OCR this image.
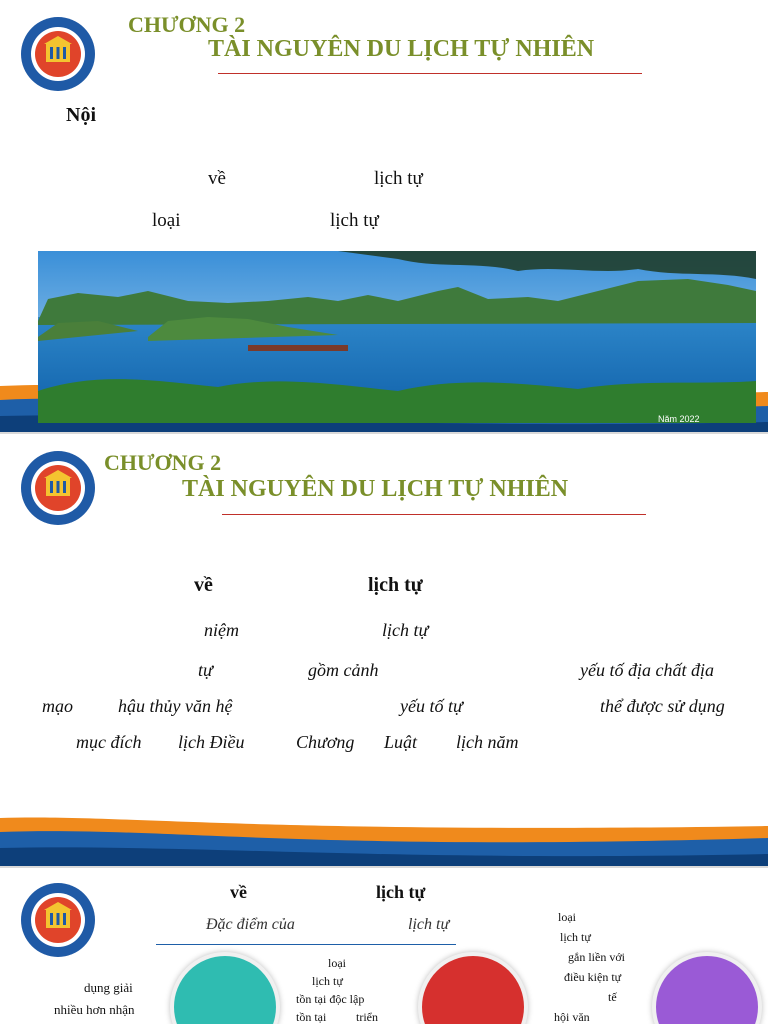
CHƯƠNG 2
TÀI NGUYÊN DU LỊCH TỰ NHIÊN
Nội
về	lịch tự
loại	lịch tự
Năm 2022
CHƯƠNG 2
TÀI NGUYÊN DU LỊCH TỰ NHIÊN
về	lịch tự
niệm	lịch tự
tự	gồm cảnh	yếu tố địa chất địa
mạo	hậu thủy văn hệ	yếu tố tự	thể được sử dụng
mục đích lịch Điều	Chương Luật lịch năm
về	lịch tự
Đặc điểm của	lịch tự
dụng giải
nhiều hơn nhận
loại
lịch tự
tồn tại độc lập
tồn tại triển
loại
lịch tự
gắn liền với
điều kiện tự
tế
hội văn
